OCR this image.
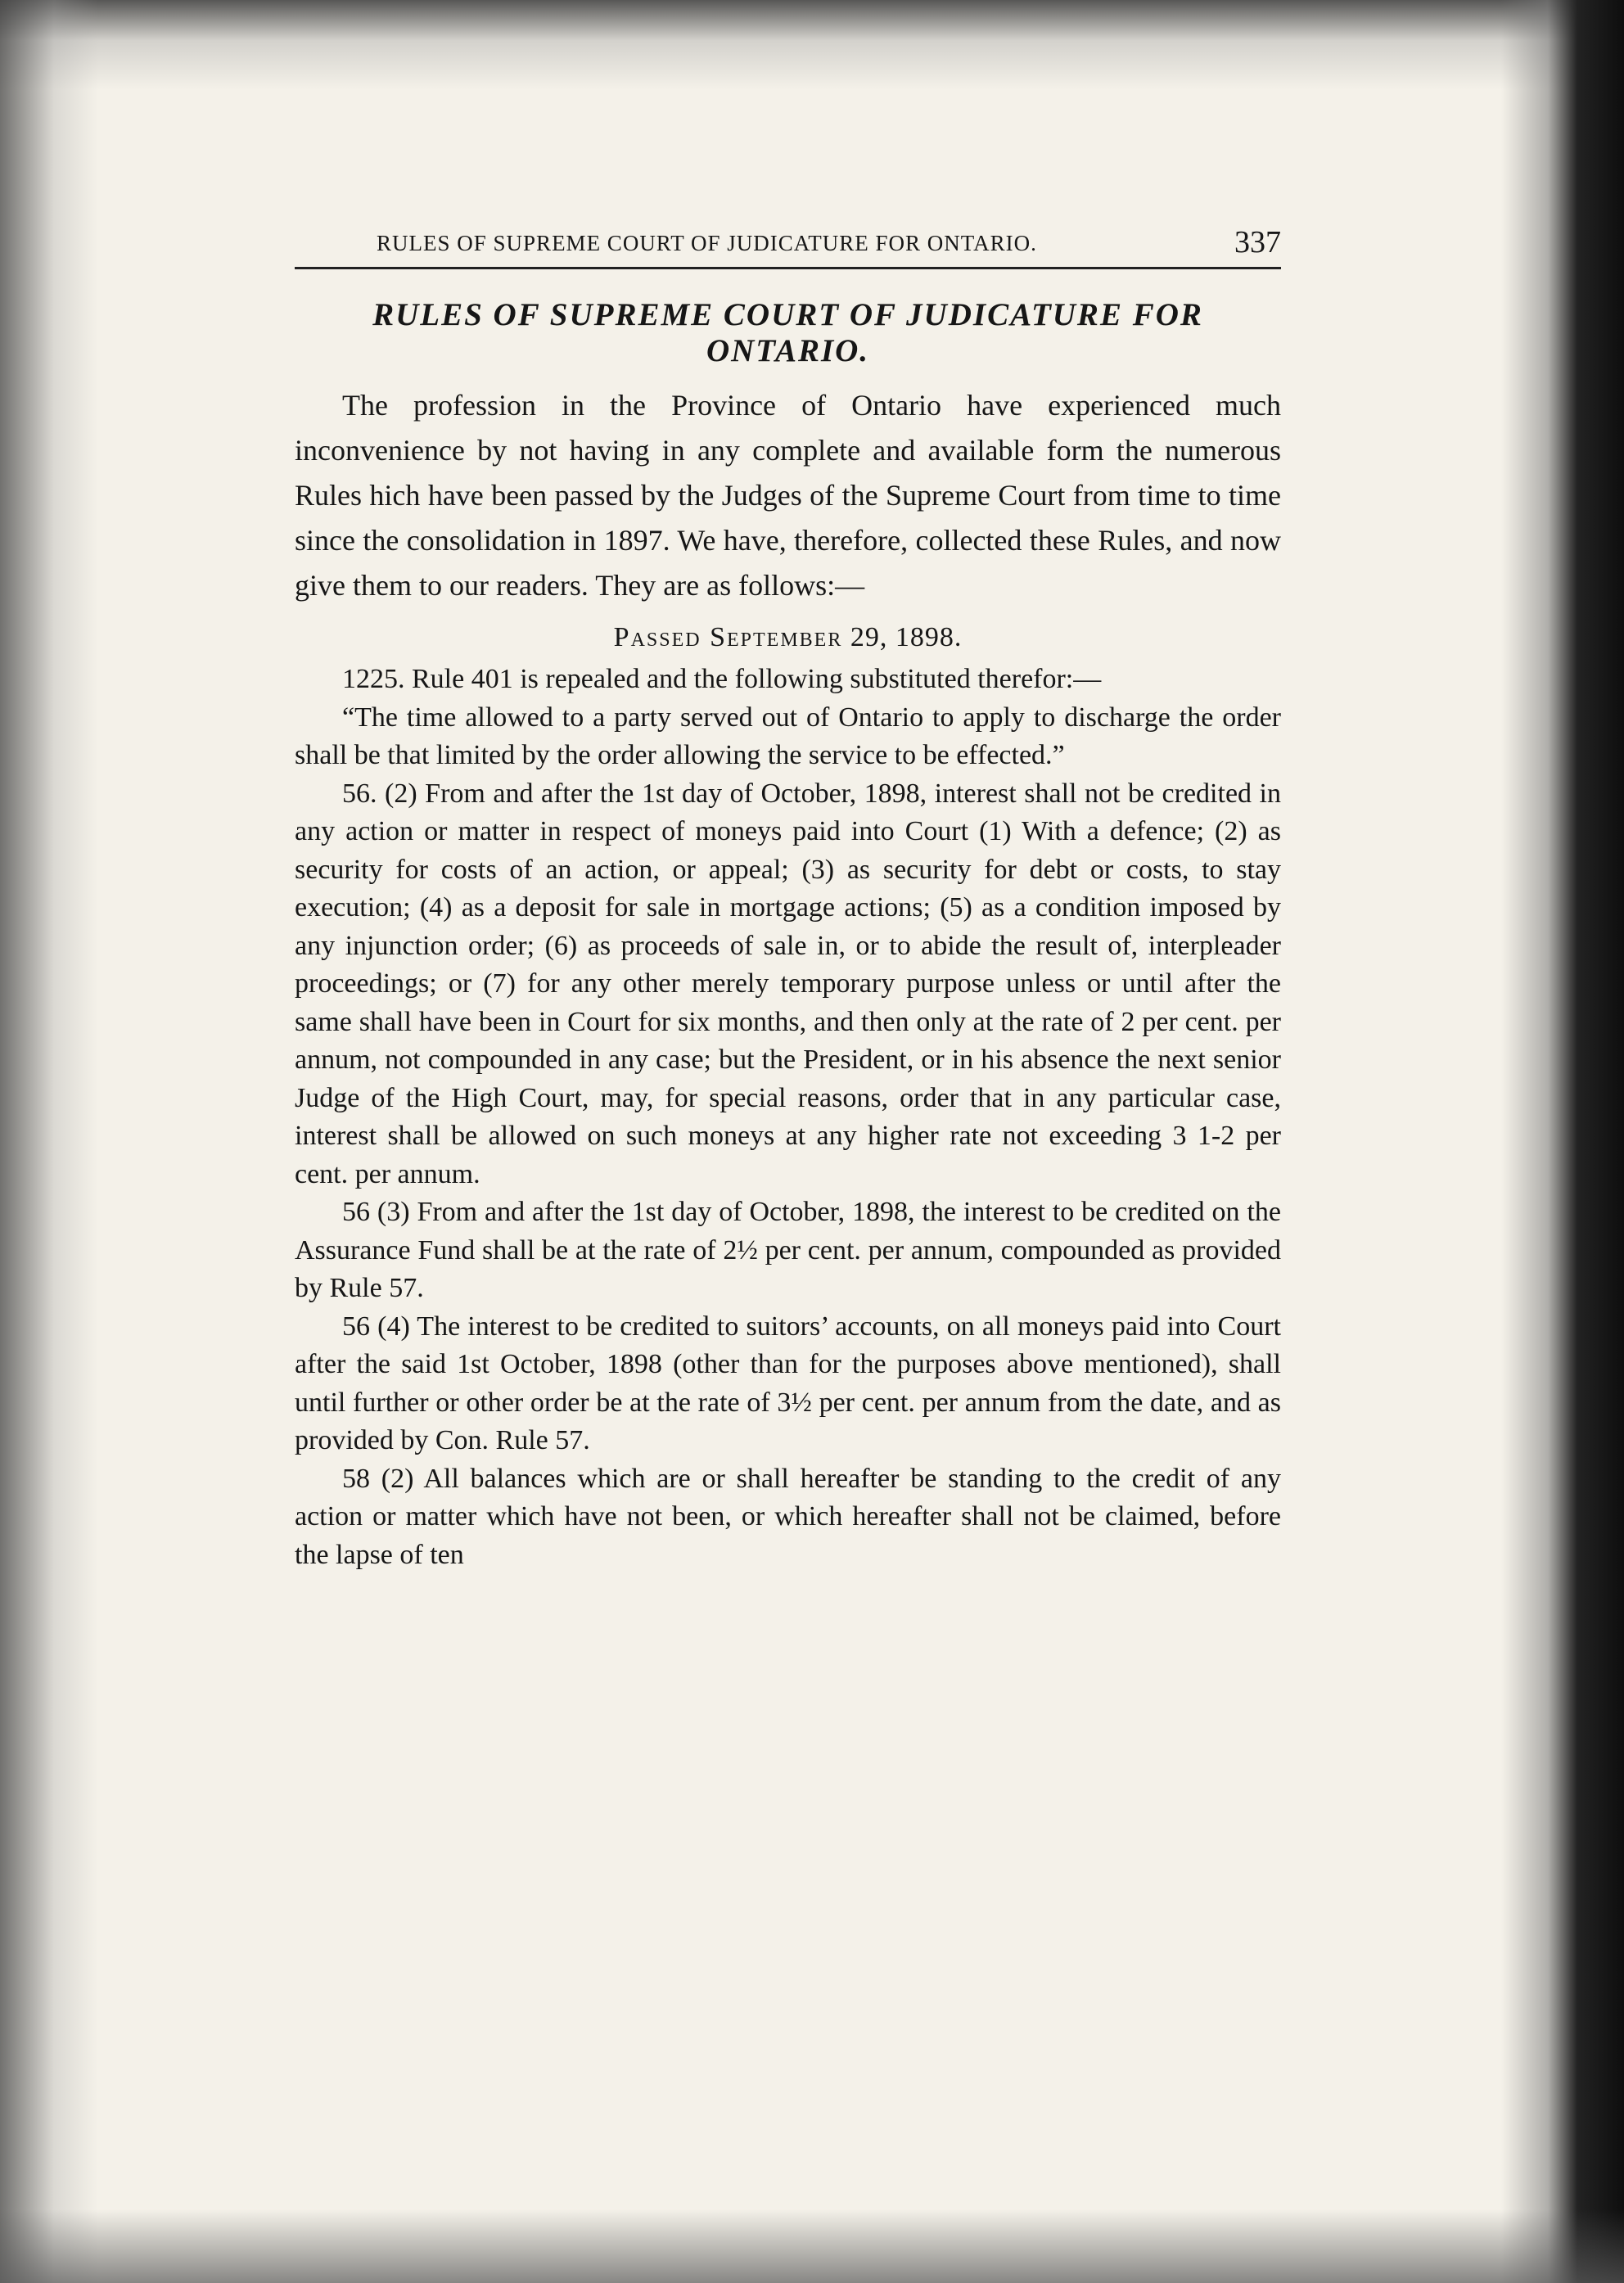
RULES OF SUPREME COURT OF JUDICATURE FOR ONTARIO.	337
RULES OF SUPREME COURT OF JUDICATURE FOR
ONTARIO.

The profession in the Province of Ontario have experienced much inconvenience by not having in any complete and available form the numerous Rules hich have been passed by the Judges of the Supreme Court from time to time since the consolidation in 1897. We have, therefore, collected these Rules, and now give them to our readers. They are as follows:—

Passed September 29, 1898.

1225. Rule 401 is repealed and the following substituted therefor:—

“The time allowed to a party served out of Ontario to apply to discharge the order shall be that limited by the order allowing the service to be effected.”

56. (2) From and after the 1st day of October, 1898, interest shall not be credited in any action or matter in respect of moneys paid into Court (1) With a defence; (2) as security for costs of an action, or appeal; (3) as security for debt or costs, to stay execution; (4) as a deposit for sale in mortgage actions; (5) as a condition imposed by any injunction order; (6) as proceeds of sale in, or to abide the result of, interpleader proceedings; or (7) for any other merely temporary purpose unless or until after the same shall have been in Court for six months, and then only at the rate of 2 per cent. per annum, not compounded in any case; but the President, or in his absence the next senior Judge of the High Court, may, for special reasons, order that in any particular case, interest shall be allowed on such moneys at any higher rate not exceeding 3 1-2 per cent. per annum.

56 (3) From and after the 1st day of October, 1898, the interest to be credited on the Assurance Fund shall be at the rate of 2½ per cent. per annum, compounded as provided by Rule 57.

56 (4) The interest to be credited to suitors’ accounts, on all moneys paid into Court after the said 1st October, 1898 (other than for the purposes above mentioned), shall until further or other order be at the rate of 3½ per cent. per annum from the date, and as provided by Con. Rule 57.

58 (2) All balances which are or shall hereafter be standing to the credit of any action or matter which have not been, or which hereafter shall not be claimed, before the lapse of ten
